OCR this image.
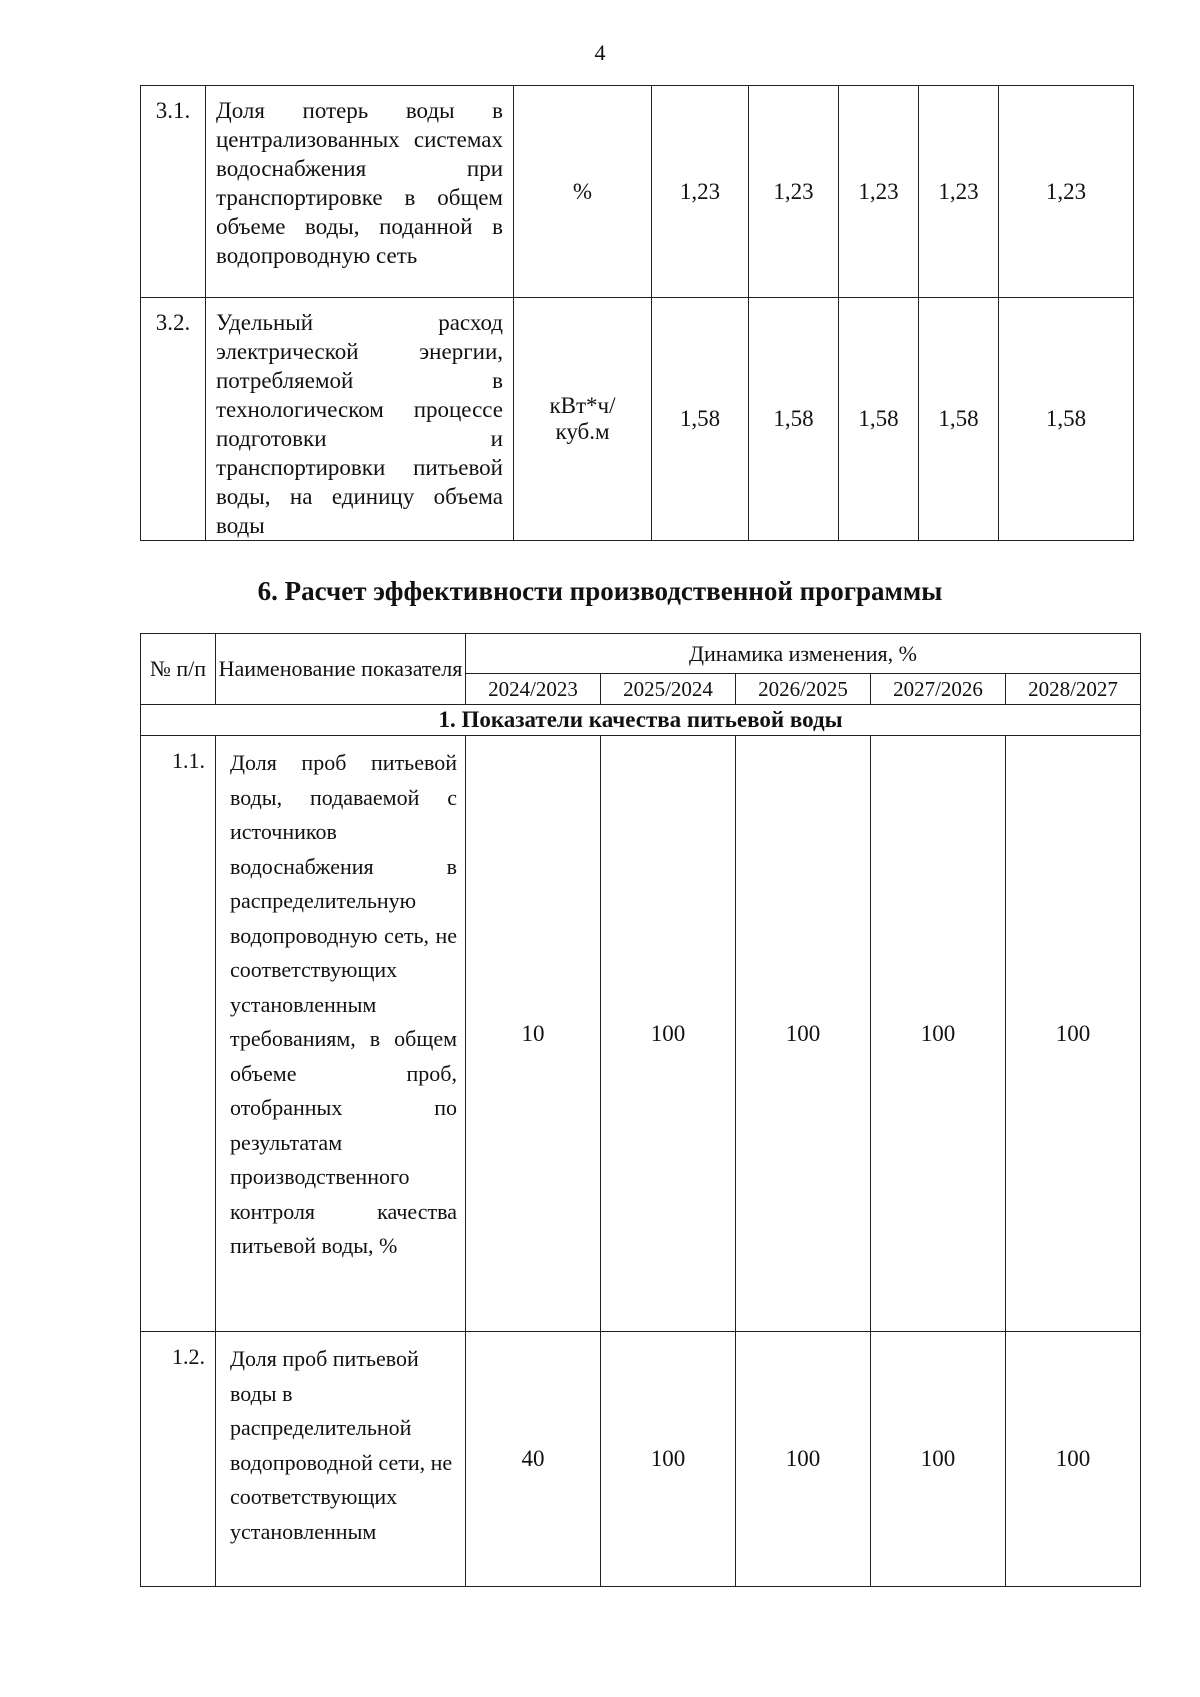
4
3.1.	Доля потерь воды в централизованных системах водоснабжения при транспортировке в общем объеме воды, поданной в водопроводную сеть	%	1,23	1,23	1,23	1,23	1,23
3.2.	Удельный расход электрической энергии, потребляемой в технологическом процессе подготовки и транспортировки питьевой воды, на единицу объема воды	кВт*ч/ куб.м	1,58	1,58	1,58	1,58	1,58
6. Расчет эффективности производственной программы
№ п/п	Наименование показателя	Динамика изменения, %				
		2024/2023	2025/2024	2026/2025	2027/2026	2028/2027
1. Показатели качества питьевой воды						
1.1.	Доля проб питьевой воды, подаваемой с источников водоснабжения в распределительную водопроводную сеть, не соответствующих установленным требованиям, в общем объеме проб, отобранных по результатам производственного контроля качества питьевой воды, %	10	100	100	100	100
1.2.	Доля проб питьевой воды в распределительной водопроводной сети, не соответствующих установленным	40	100	100	100	100
